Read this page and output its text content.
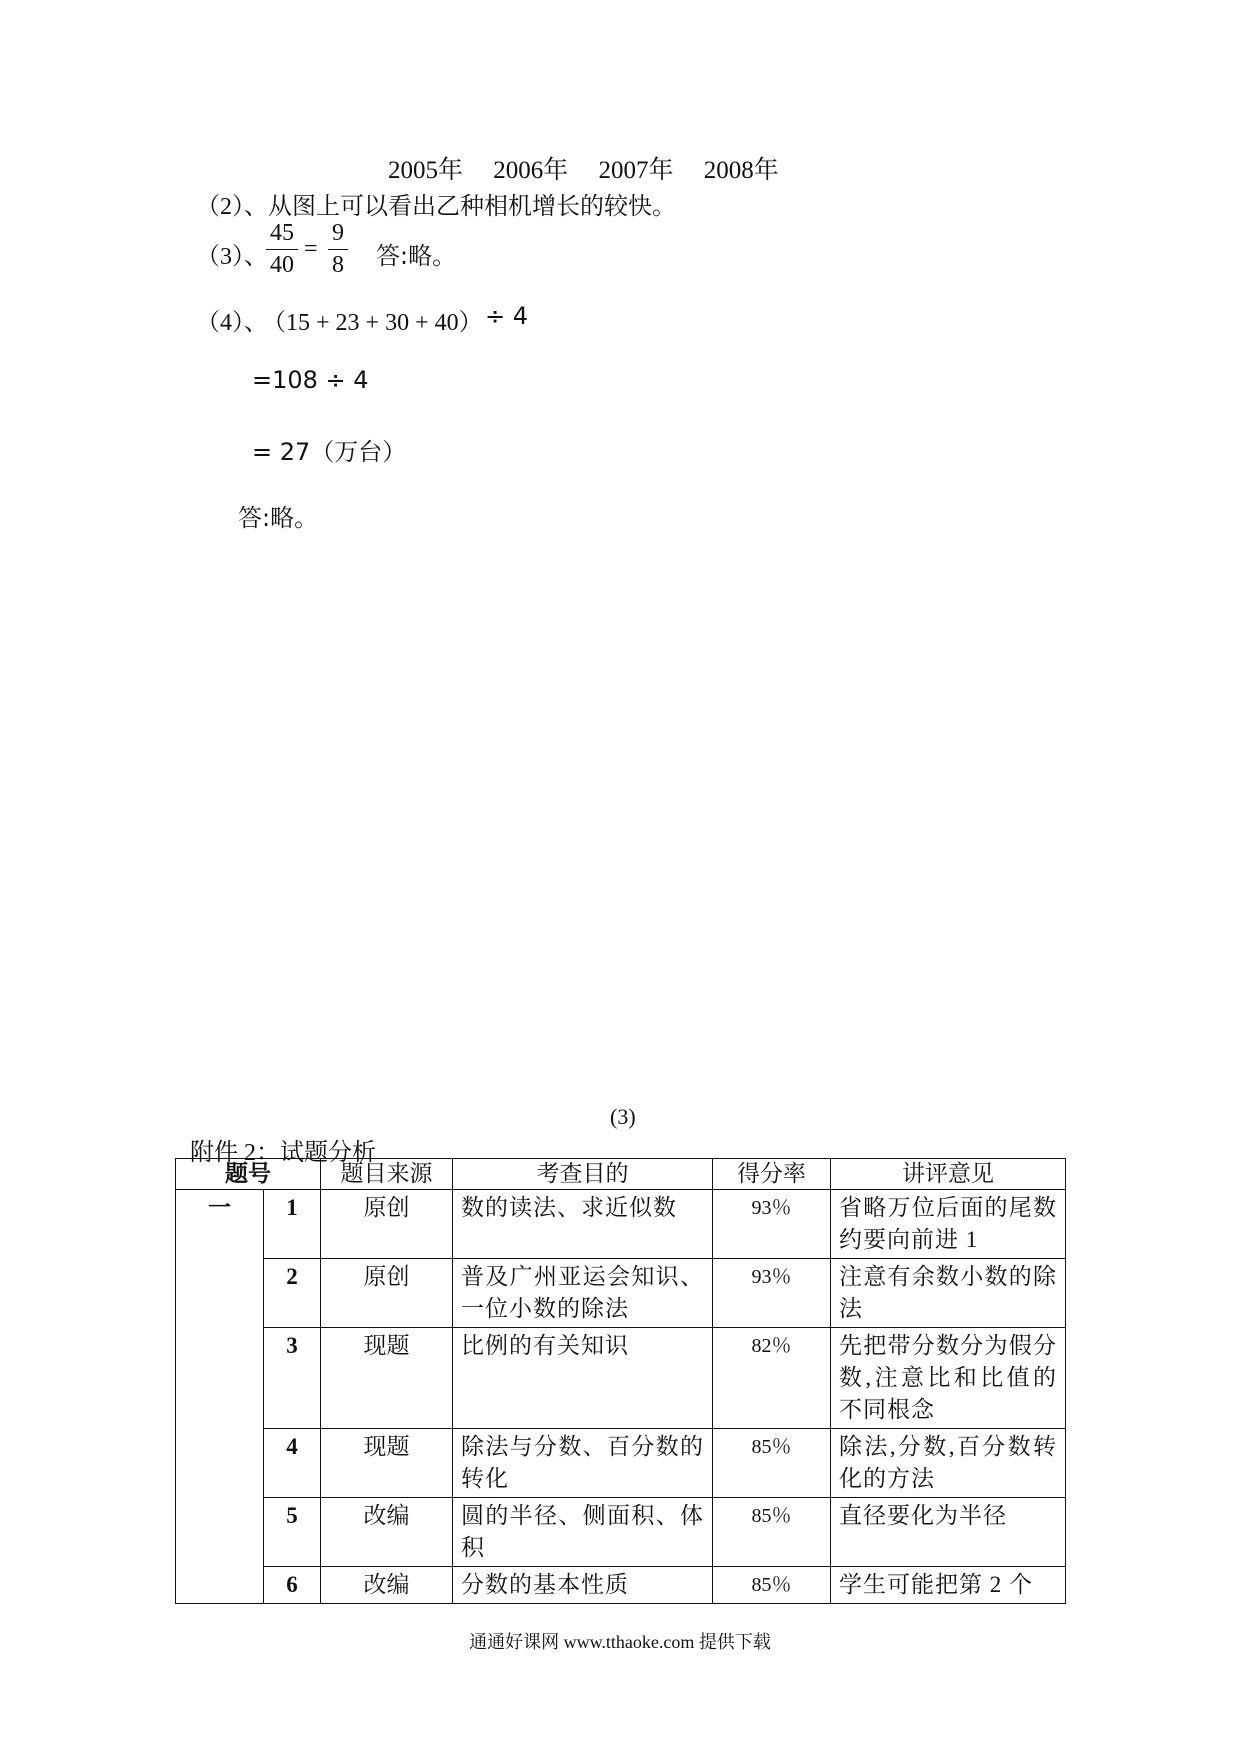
2005年 2006年 2007年 2008年
（2）、从图上可以看出乙种相机增长的较快。
（3）、
$\frac{45}{40} = \frac{9}{8}$ 答:略。
（4）、
（15 + 23 + 30 + 40） ÷ 4
=108 ÷ 4
= 27（万台）
答:略。
(3)
附件 2：试题分析
题号		题目来源	考查目的	得分率	讲评意见
一	1	原创	数的读法、求近似数	93％	省略万位后面的尾数约要向前进 1
	2	原创	普及广州亚运会知识、一位小数的除法	93％	注意有余数小数的除法
	3	现题	比例的有关知识	82％	先把带分数分为假分数,注意比和比值的不同根念
	4	现题	除法与分数、百分数的转化	85％	除法,分数,百分数转化的方法
	5	改编	圆的半径、侧面积、体积	85％	直径要化为半径
	6	改编	分数的基本性质	85％	学生可能把第 2 个
通通好课网 www.tthaoke.com 提供下载
